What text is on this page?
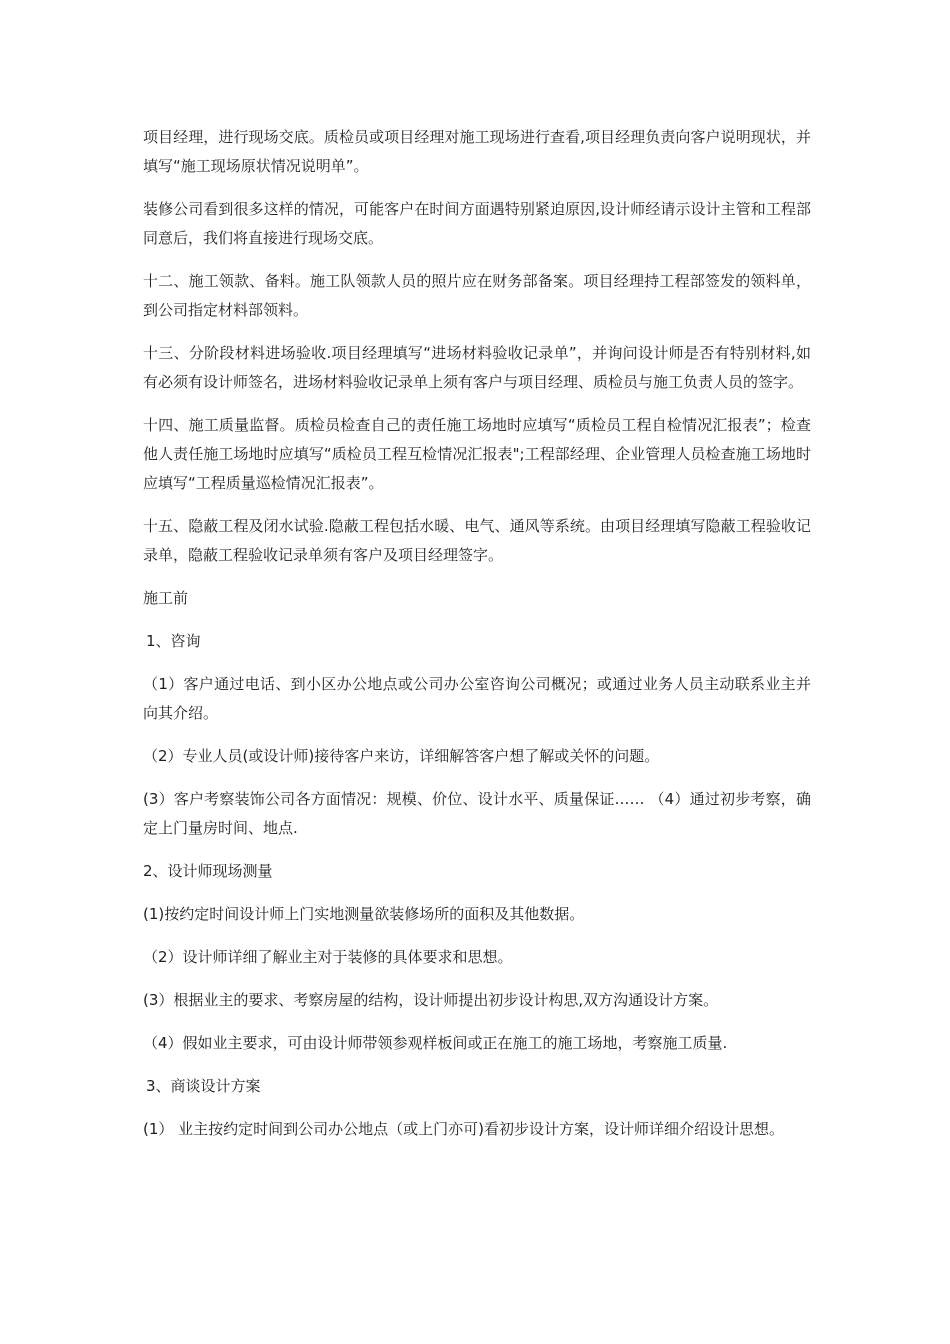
项目经理，进行现场交底。质检员或项目经理对施工现场进行查看,项目经理负责向客户说明现状，并填写“施工现场原状情况说明单”。

装修公司看到很多这样的情况，可能客户在时间方面遇特别紧迫原因,设计师经请示设计主管和工程部同意后，我们将直接进行现场交底。

十二、施工领款、备料。施工队领款人员的照片应在财务部备案。项目经理持工程部签发的领料单，到公司指定材料部领料。

十三、分阶段材料进场验收.项目经理填写“进场材料验收记录单”，并询问设计师是否有特别材料,如有必须有设计师签名，进场材料验收记录单上须有客户与项目经理、质检员与施工负责人员的签字。

十四、施工质量监督。质检员检查自己的责任施工场地时应填写“质检员工程自检情况汇报表”；检查他人责任施工场地时应填写“质检员工程互检情况汇报表";工程部经理、企业管理人员检查施工场地时应填写“工程质量巡检情况汇报表”。

十五、隐蔽工程及闭水试验.隐蔽工程包括水暖、电气、通风等系统。由项目经理填写隐蔽工程验收记录单，隐蔽工程验收记录单须有客户及项目经理签字。

施工前

1、咨询

（1）客户通过电话、到小区办公地点或公司办公室咨询公司概况；或通过业务人员主动联系业主并向其介绍。

（2）专业人员(或设计师)接待客户来访，详细解答客户想了解或关怀的问题。

(3）客户考察装饰公司各方面情况：规模、价位、设计水平、质量保证…… （4）通过初步考察，确定上门量房时间、地点.

2、设计师现场测量

(1)按约定时间设计师上门实地测量欲装修场所的面积及其他数据。

（2）设计师详细了解业主对于装修的具体要求和思想。

(3）根据业主的要求、考察房屋的结构，设计师提出初步设计构思,双方沟通设计方案。

（4）假如业主要求，可由设计师带领参观样板间或正在施工的施工场地，考察施工质量.

3、商谈设计方案

(1） 业主按约定时间到公司办公地点（或上门亦可)看初步设计方案，设计师详细介绍设计思想。
